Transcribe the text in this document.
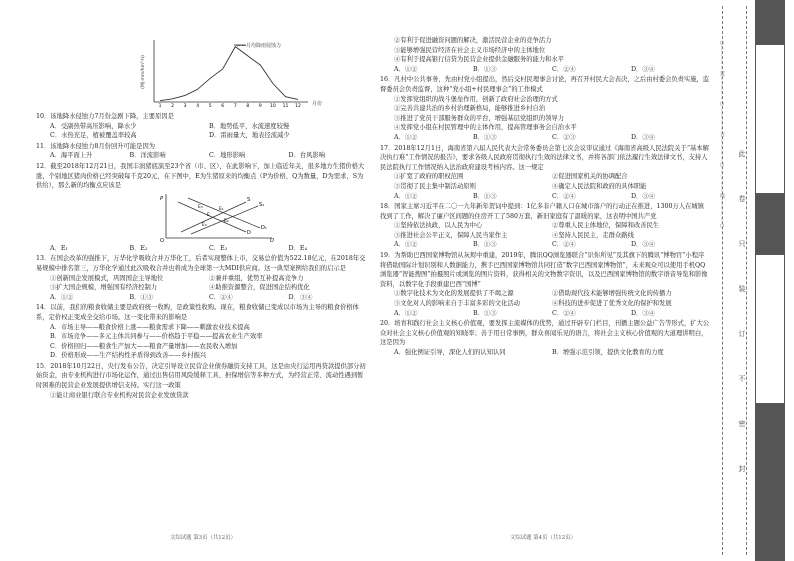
——月均降雨侵蚀力
(MJ·mm/hm²·h)
月份
1 2 3 4 5 6 7 8 9 10 11 12
10．该地降水侵蚀力7月份急剧下降，主要原因是
A．受副热带高压影响，降水少	B．地势低平，水流速度较慢
C．水热充足，植被覆盖率较高	D．雷雨量大，地表径流减少
11．该地降水侵蚀力8月份回升可能是因为
A．海平面上升	B．洋流影响	C．地形影响	D．台风影响
12．截至2018年12月21日，我国丰润猪底演至23个省（市、区），在此影响下，加上临近年关，很多地方生猪价格大涨，个别地区猪肉价格已经突破每千克20元，在下图中，E为生猪原来的均衡点（P为价格，Q为数量，D为需求，S为供给），那么新的均衡点应该是
P
Q
O
S
S₁
D
D₁
E
E₁
E₂
E₃
E₄
A．E₁	B．E₂	C．E₃	D．E₄
13．在国企改革的强推下，万华化学吸收合并万华化工，后者实现整体上市，交易总价值为522.18亿元，在2018年交易规模中排名第三，万华化学通过此次吸收合并也将成为全球第一大MDI供应商。这一典型案例给我们的启示是
①创新国企发展模式，巩固国企主导地位	②兼并重组，优势互补提高竞争力
③扩大国企规模，增强国有经济控制力	④助推资源整合，促进国企结构优化
A．①②	B．①③	C．②④	D．③④
14．以前，我们的粮食收储主要是政府统一收购，是政策性收购。现在，粮食收储已变成以市场为主导的粮食价格体系，定价权正变成全交给市场。这一变化带来的影响是
A．市场主导——粮食价格上涨——粮食需求下降——刺激农业技术提高
B．市场竞争——多元主体共同参与——价格趋于平稳——提高农业生产效率
C．价格回归——粮食生产加大——粮食产量增加——农民收入增加
D．价格形成——生产结构性矛盾得到改善——乡村振兴
15．2018年10月22日，央行发布公告，决定引导设立民营企业债券融资支持工具，这是由央行运用再贷款提供部分初始资金，由专业机构进行市场化运作，通过出售信用风险缓释工具、担保增信等多种方式，为经营正常、流动性遇到暂时困难的民营企业发展提供增信支持。实行这一政策
①能让商业银行联合专业机构对民营企业发放贷款
文综试题 第3页（共12页）
②有利于促进融资问题的解决，激活民营企业的竞争活力
③能够增强民营经济在社会主义市场经济中的主体地位
④有利于提高银行信贷为民营企业提供金融服务的能力和水平
A．①②	B．①③	C．②④	D．③④
16．凡村中公共事务，先由村党小组提出，然后交村民理事会讨论，再召开村民大会表决，之后由村委会负责实施，监督委员会负责监督，这种“党小组+村民理事会”的工作模式
①发挥党组织的战斗堡垒作用，创新了政府社会治理的方式
②完善共建共治的乡村治理新格局，能够推进乡村自治
③推进了党员干部服务群众的平台，增强基层党组织的领导力
④发挥党小组在村民管理中的主体作用，提高管理事务会自治水平
A．①②	B．①③	C．②③	D．③④
17．2018年12月1日，海南省第六届人民代表大会常务委员会第七次会议审议通过《海南省高级人民法院关于“基本解决执行难”工作情况的报告》，要求各级人民政府贯彻执行生效的法律文书，并将各部门依法履行生效法律文书，支持人民法院执行工作情况纳入法治政府建设考核内容。这一规定
①扩宽了政府的职权范围	②促进国家机关的协调配合
③贯彻了民主集中制活动原则	④确定人民法院和政府的具体职能
A．①②	B．①③	C．②④	D．③④
18．国家主席习近平在二〇一九年新年贺词中提到：1亿多非户籍人口在城市落户的行动正在推进，1300万人在城镇找到了工作，解决了廉户区间题的住房开工了580万套，新旧家庭有了温暖的家，这表明中国共产党
①坚持依法执政，以人民为中心	②尊重人民主体地位，保障和改善民生
③推进社会公平正义，保障人民当家作主	④坚持人民民主，走群众路线
A．①②	B．①③	C．②④	D．③④
19．为帮助巴西国家博物馆从灰烬中重建，2019年，腾讯QQ浏览器联合“识你所见”及其旗下的腾讯“博物官”小程序将借助国际计划识别和人数据能力，携手巴西国家博物馆共同打造“数字巴西国家博物馆”，未来观众可以使用手机QQ浏览器“智能搜图”拍摄照片或浏览的图片资料，获得相关的文物数字资讯，以及巴西国家博物馆的数字语音导览和影像资料，以数字化手段重建巴西“国博”
①数字化技术为文化的发展提供了不竭之源	②借助现代技术能够增强传统文化的传播力
③文化对人的影响来自于丰富多彩的文化活动	④科技的进步促进了优秀文化的保护和发展
A．①②	B．①③	C．②④	D．③④
20．培育和践行社会主义核心价值观，要发挥主流媒体的优势，通过开辟专门栏目，刊播主题公益广告等形式，扩大公众对社会主义核心价值观的知晓率；善于用日常事例，群众喜闻乐见的语言，将社会主义核心价值观的大道理讲明白，这是因为
A．强化例证引导，深化人们的认知认同	B．增强示范引领，提供文化教育的力度
文综试题 第4页（共12页）
○…………装…………○…………订…………○…………线…………○
此卷只装订不密封
